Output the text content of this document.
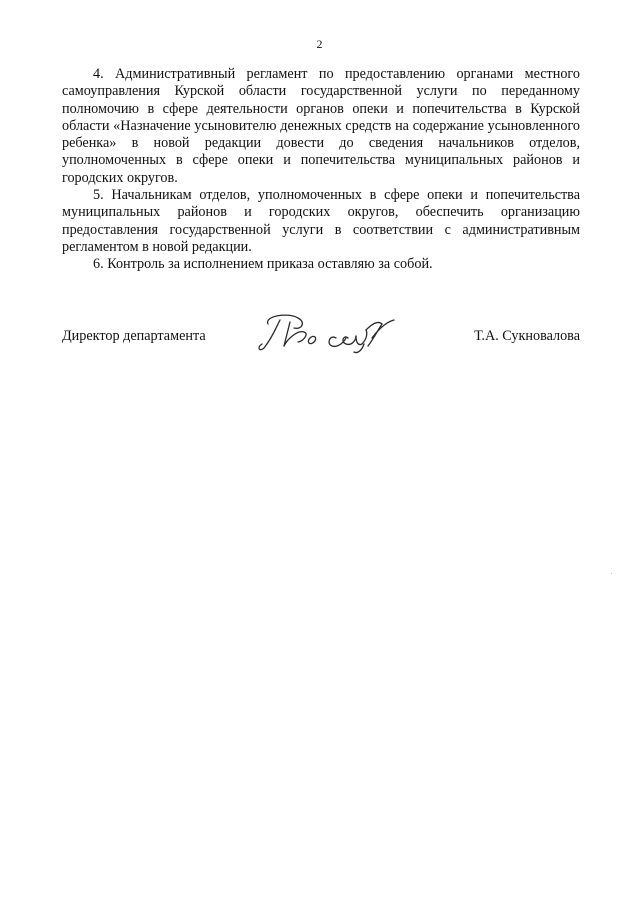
2

4. Административный регламент по предоставлению органами местного самоуправления Курской области государственной услуги по переданному полномочию в сфере деятельности органов опеки и попечительства в Курской области «Назначение усыновителю денежных средств на содержание усыновленного ребенка» в новой редакции довести до сведения начальников отделов, уполномоченных в сфере опеки и попечительства муниципальных районов и городских округов.

5. Начальникам отделов, уполномоченных в сфере опеки и попечительства муниципальных районов и городских округов, обеспечить организацию предоставления государственной услуги в соответствии с административным регламентом в новой редакции.

6. Контроль за исполнением приказа оставляю за собой.

Директор департамента	Т.А. Сукновалова
